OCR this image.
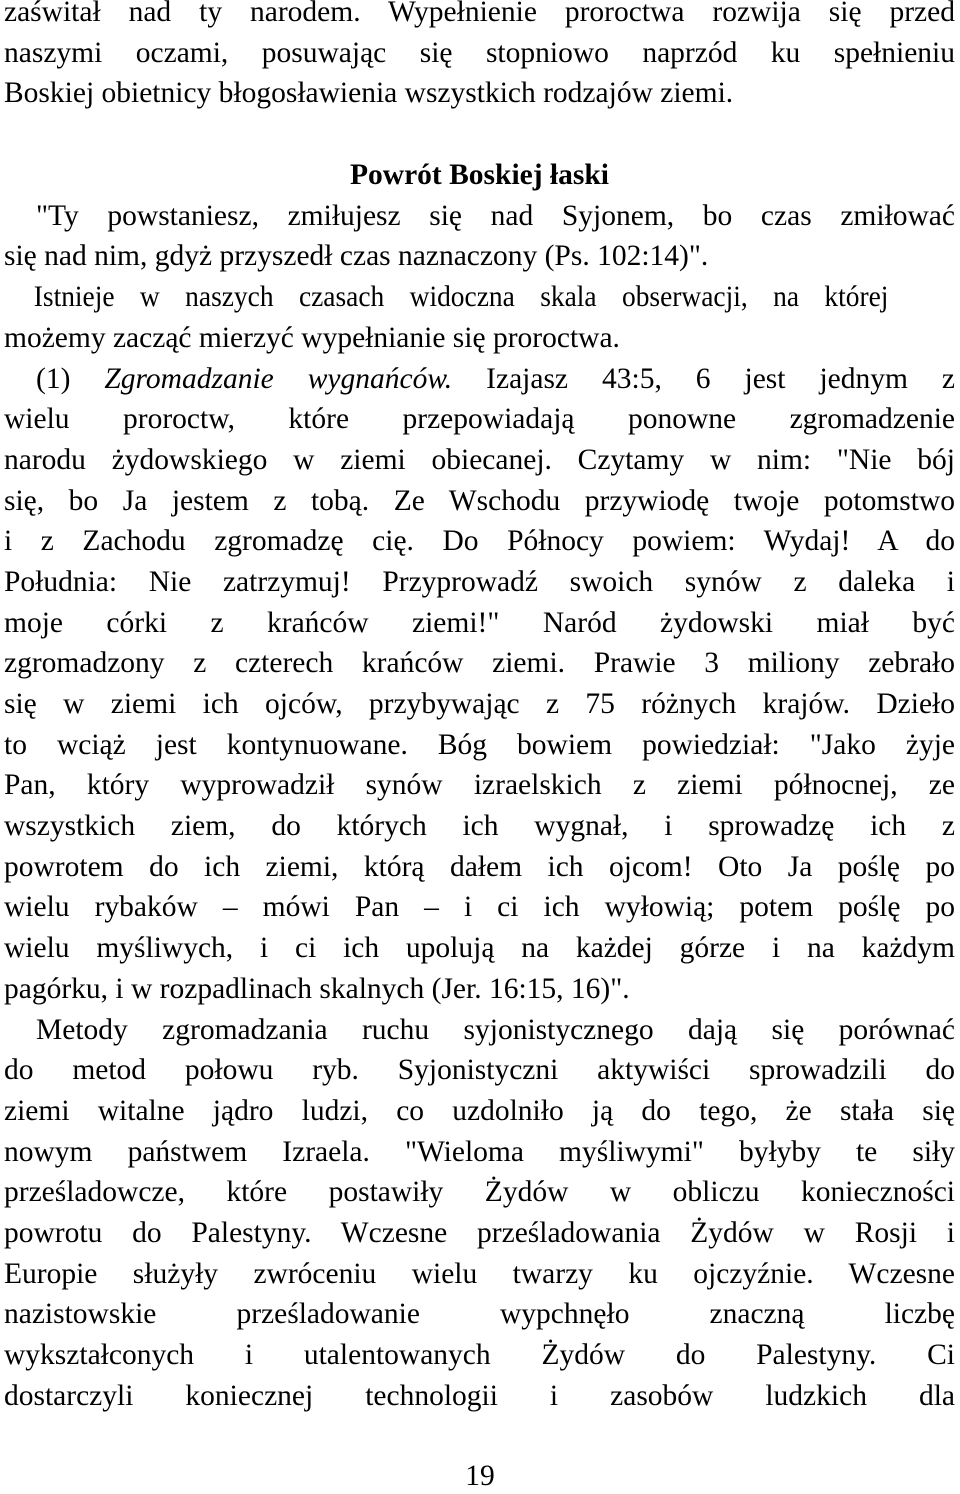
zaświtał nad ty narodem. Wypełnienie proroctwa rozwija się przed
naszymi oczami, posuwając się stopniowo naprzód ku spełnieniu
Boskiej obietnicy błogosławienia wszystkich rodzajów ziemi.
Powrót Boskiej łaski
"Ty powstaniesz, zmiłujesz się nad Syjonem, bo czas zmiłować
się nad nim, gdyż przyszedł czas naznaczony (Ps. 102:14)".
Istnieje w naszych czasach widoczna skala obserwacji, na której
możemy zacząć mierzyć wypełnianie się proroctwa.
(1) Zgromadzanie wygnańców. Izajasz 43:5, 6 jest jednym z
wielu proroctw, które przepowiadają ponowne zgromadzenie
narodu żydowskiego w ziemi obiecanej. Czytamy w nim: "Nie bój
się, bo Ja jestem z tobą. Ze Wschodu przywiodę twoje potomstwo
i z Zachodu zgromadzę cię. Do Północy powiem: Wydaj! A do
Południa: Nie zatrzymuj! Przyprowadź swoich synów z daleka i
moje córki z krańców ziemi!" Naród żydowski miał być
zgromadzony z czterech krańców ziemi. Prawie 3 miliony zebrało
się w ziemi ich ojców, przybywając z 75 różnych krajów. Dzieło
to wciąż jest kontynuowane. Bóg bowiem powiedział: "Jako żyje
Pan, który wyprowadził synów izraelskich z ziemi północnej, ze
wszystkich ziem, do których ich wygnał, i sprowadzę ich z
powrotem do ich ziemi, którą dałem ich ojcom! Oto Ja poślę po
wielu rybaków – mówi Pan – i ci ich wyłowią; potem poślę po
wielu myśliwych, i ci ich upolują na każdej górze i na każdym
pagórku, i w rozpadlinach skalnych (Jer. 16:15, 16)".
Metody zgromadzania ruchu syjonistycznego dają się porównać
do metod połowu ryb. Syjonistyczni aktywiści sprowadzili do
ziemi witalne jądro ludzi, co uzdolniło ją do tego, że stała się
nowym państwem Izraela. "Wieloma myśliwymi" byłyby te siły
prześladowcze, które postawiły Żydów w obliczu konieczności
powrotu do Palestyny. Wczesne prześladowania Żydów w Rosji i
Europie służyły zwróceniu wielu twarzy ku ojczyźnie. Wczesne
nazistowskie prześladowanie wypchnęło znaczną liczbę
wykształconych i utalentowanych Żydów do Palestyny. Ci
dostarczyli koniecznej technologii i zasobów ludzkich dla
19
